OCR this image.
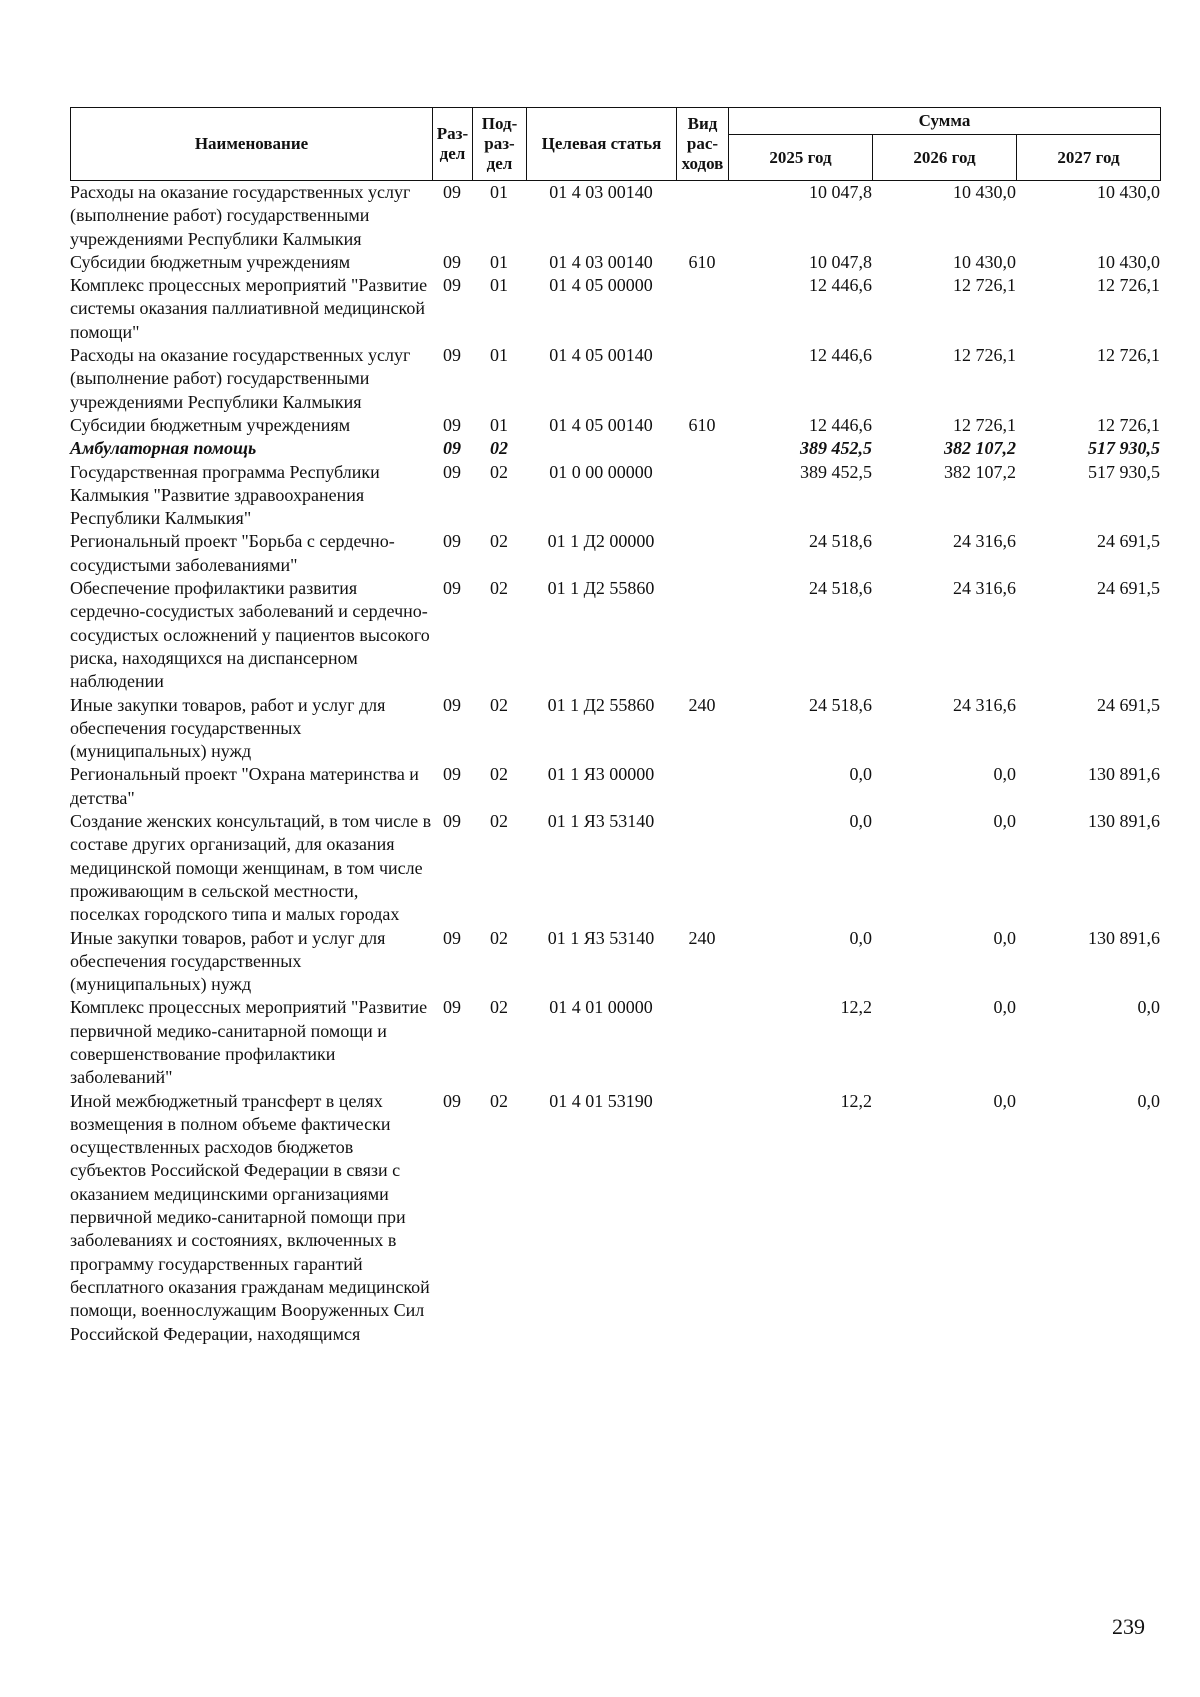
Наименование	Раз-дел	Под-раз-дел	Целевая статья	Вид рас-ходов	Сумма		
					2025 год	2026 год	2027 год
Расходы на оказание государственных услуг (выполнение работ) государственными учреждениями Республики Калмыкия	09	01	01 4 03 00140		10 047,8	10 430,0	10 430,0
Субсидии бюджетным учреждениям	09	01	01 4 03 00140	610	10 047,8	10 430,0	10 430,0
Комплекс процессных мероприятий "Развитие системы оказания паллиативной медицинской помощи"	09	01	01 4 05 00000		12 446,6	12 726,1	12 726,1
Расходы на оказание государственных услуг (выполнение работ) государственными учреждениями Республики Калмыкия	09	01	01 4 05 00140		12 446,6	12 726,1	12 726,1
Субсидии бюджетным учреждениям	09	01	01 4 05 00140	610	12 446,6	12 726,1	12 726,1
Амбулаторная помощь	09	02			389 452,5	382 107,2	517 930,5
Государственная программа Республики Калмыкия "Развитие здравоохранения Республики Калмыкия"	09	02	01 0 00 00000		389 452,5	382 107,2	517 930,5
Региональный проект "Борьба с сердечно-сосудистыми заболеваниями"	09	02	01 1 Д2 00000		24 518,6	24 316,6	24 691,5
Обеспечение профилактики развития сердечно-сосудистых заболеваний и сердечно-сосудистых осложнений у пациентов высокого риска, находящихся на диспансерном наблюдении	09	02	01 1 Д2 55860		24 518,6	24 316,6	24 691,5
Иные закупки товаров, работ и услуг для обеспечения государственных (муниципальных) нужд	09	02	01 1 Д2 55860	240	24 518,6	24 316,6	24 691,5
Региональный проект "Охрана материнства и детства"	09	02	01 1 Я3 00000		0,0	0,0	130 891,6
Создание женских консультаций, в том числе в составе других организаций, для оказания медицинской помощи женщинам, в том числе проживающим в сельской местности, поселках городского типа и малых городах	09	02	01 1 Я3 53140		0,0	0,0	130 891,6
Иные закупки товаров, работ и услуг для обеспечения государственных (муниципальных) нужд	09	02	01 1 Я3 53140	240	0,0	0,0	130 891,6
Комплекс процессных мероприятий "Развитие первичной медико-санитарной помощи и совершенствование профилактики заболеваний"	09	02	01 4 01 00000		12,2	0,0	0,0
Иной межбюджетный трансферт в целях возмещения в полном объеме фактически осуществленных расходов бюджетов субъектов Российской Федерации в связи с оказанием медицинскими организациями первичной медико-санитарной помощи при заболеваниях и состояниях, включенных в программу государственных гарантий бесплатного оказания гражданам медицинской помощи, военнослужащим Вооруженных Сил Российской Федерации, находящимся	09	02	01 4 01 53190		12,2	0,0	0,0
239
